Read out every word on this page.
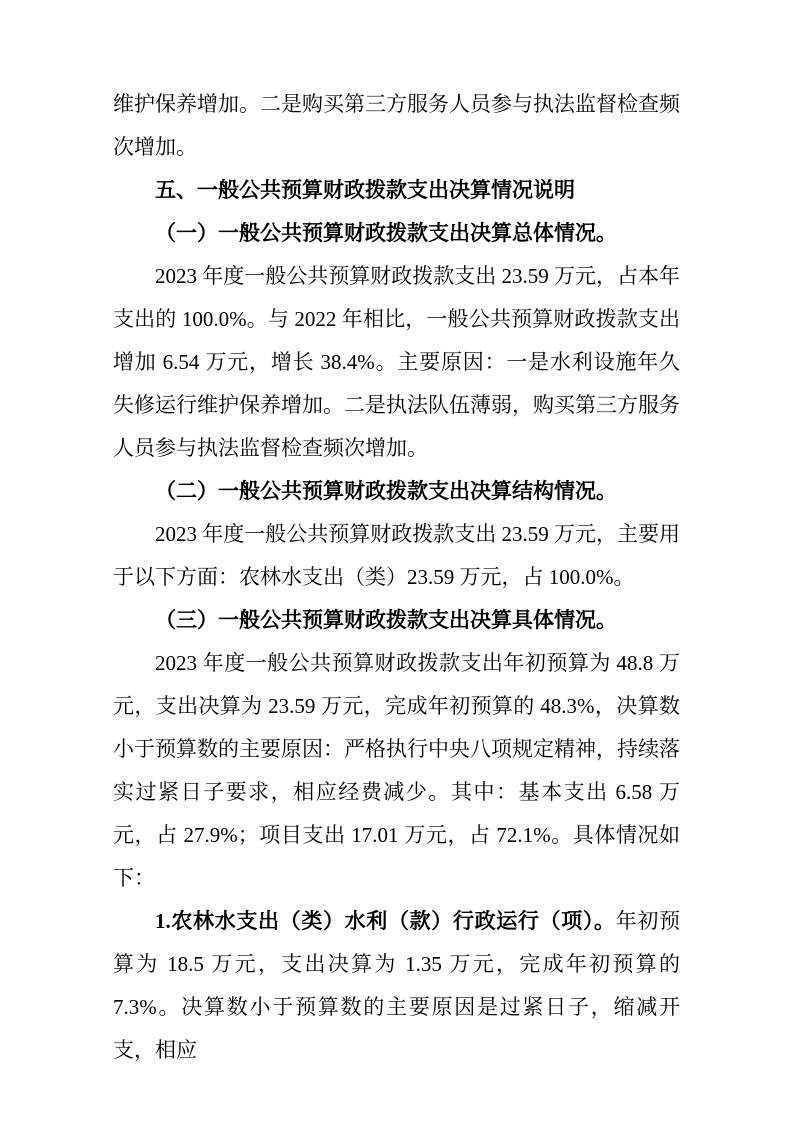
维护保养增加。二是购买第三方服务人员参与执法监督检查频次增加。

五、一般公共预算财政拨款支出决算情况说明

（一）一般公共预算财政拨款支出决算总体情况。

2023 年度一般公共预算财政拨款支出 23.59 万元，占本年支出的 100.0%。与 2022 年相比，一般公共预算财政拨款支出增加 6.54 万元，增长 38.4%。主要原因：一是水利设施年久失修运行维护保养增加。二是执法队伍薄弱，购买第三方服务人员参与执法监督检查频次增加。

（二）一般公共预算财政拨款支出决算结构情况。

2023 年度一般公共预算财政拨款支出 23.59 万元，主要用于以下方面：农林水支出（类）23.59 万元，占 100.0%。

（三）一般公共预算财政拨款支出决算具体情况。

2023 年度一般公共预算财政拨款支出年初预算为 48.8 万元，支出决算为 23.59 万元，完成年初预算的 48.3%，决算数小于预算数的主要原因：严格执行中央八项规定精神，持续落实过紧日子要求，相应经费减少。其中：基本支出 6.58 万元，占 27.9%；项目支出 17.01 万元，占 72.1%。具体情况如下：

1.农林水支出（类）水利（款）行政运行（项）。年初预算为 18.5 万元，支出决算为 1.35 万元，完成年初预算的 7.3%。决算数小于预算数的主要原因是过紧日子，缩减开支，相应
